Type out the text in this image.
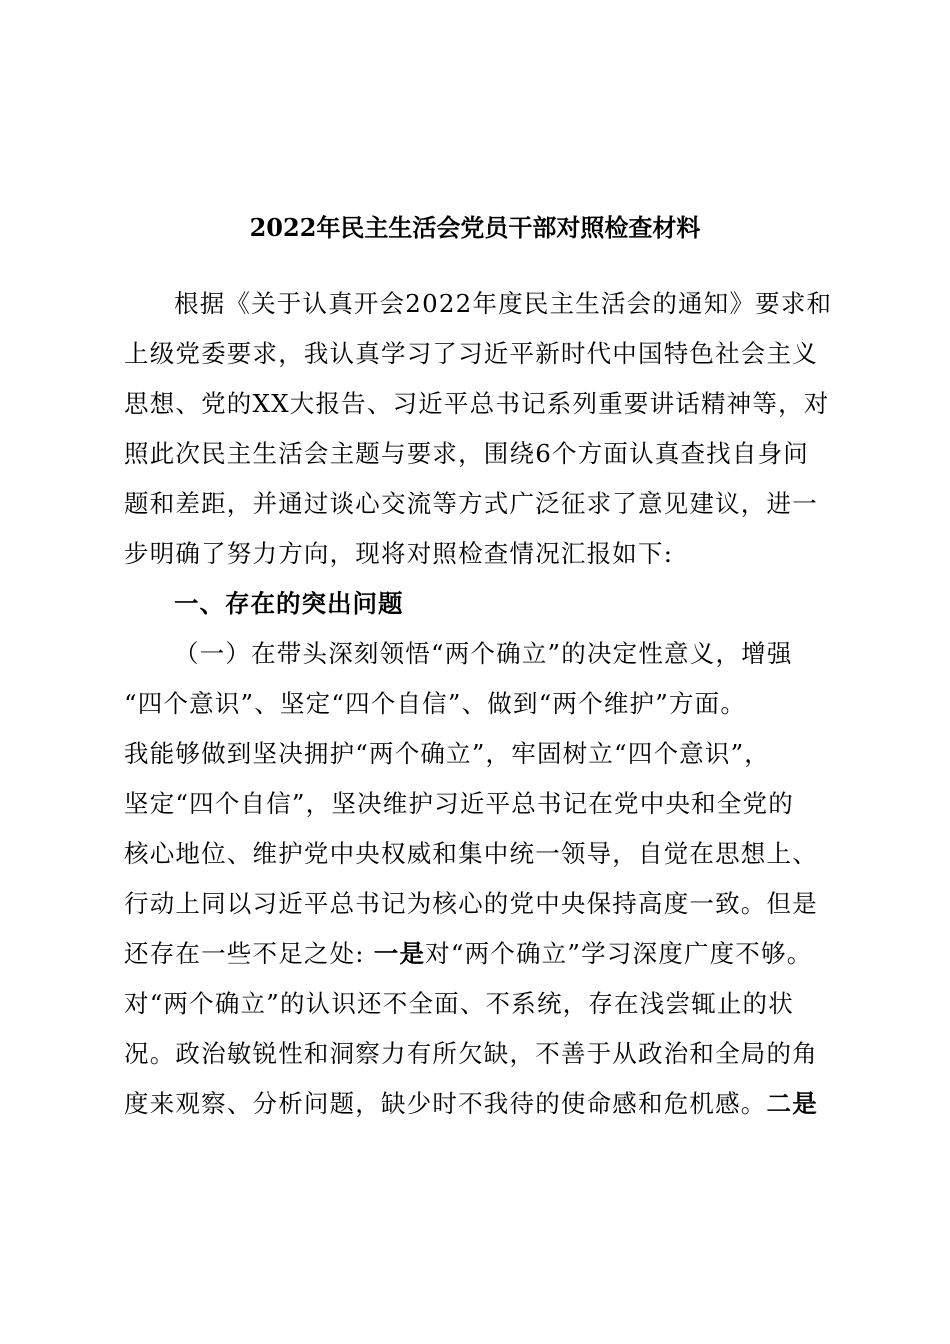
2022年民主生活会党员干部对照检查材料
根据《关于认真开会2022年度民主生活会的通知》要求和
上级党委要求，我认真学习了习近平新时代中国特色社会主义
思想、党的XX大报告、习近平总书记系列重要讲话精神等，对
照此次民主生活会主题与要求，围绕6个方面认真查找自身问
题和差距，并通过谈心交流等方式广泛征求了意见建议，进一
步明确了努力方向，现将对照检查情况汇报如下:
一、存在的突出问题
（一）在带头深刻领悟“两个确立”的决定性意义，增强
“四个意识”、坚定“四个自信”、做到“两个维护”方面。
我能够做到坚决拥护“两个确立”，牢固树立“四个意识”，
坚定“四个自信”，坚决维护习近平总书记在党中央和全党的
核心地位、维护党中央权威和集中统一领导，自觉在思想上、
行动上同以习近平总书记为核心的党中央保持高度一致。但是
还存在一些不足之处: 一是对“两个确立”学习深度广度不够。
对“两个确立”的认识还不全面、不系统，存在浅尝辄止的状
况。政治敏锐性和洞察力有所欠缺，不善于从政治和全局的角
度来观察、分析问题，缺少时不我待的使命感和危机感。二是
